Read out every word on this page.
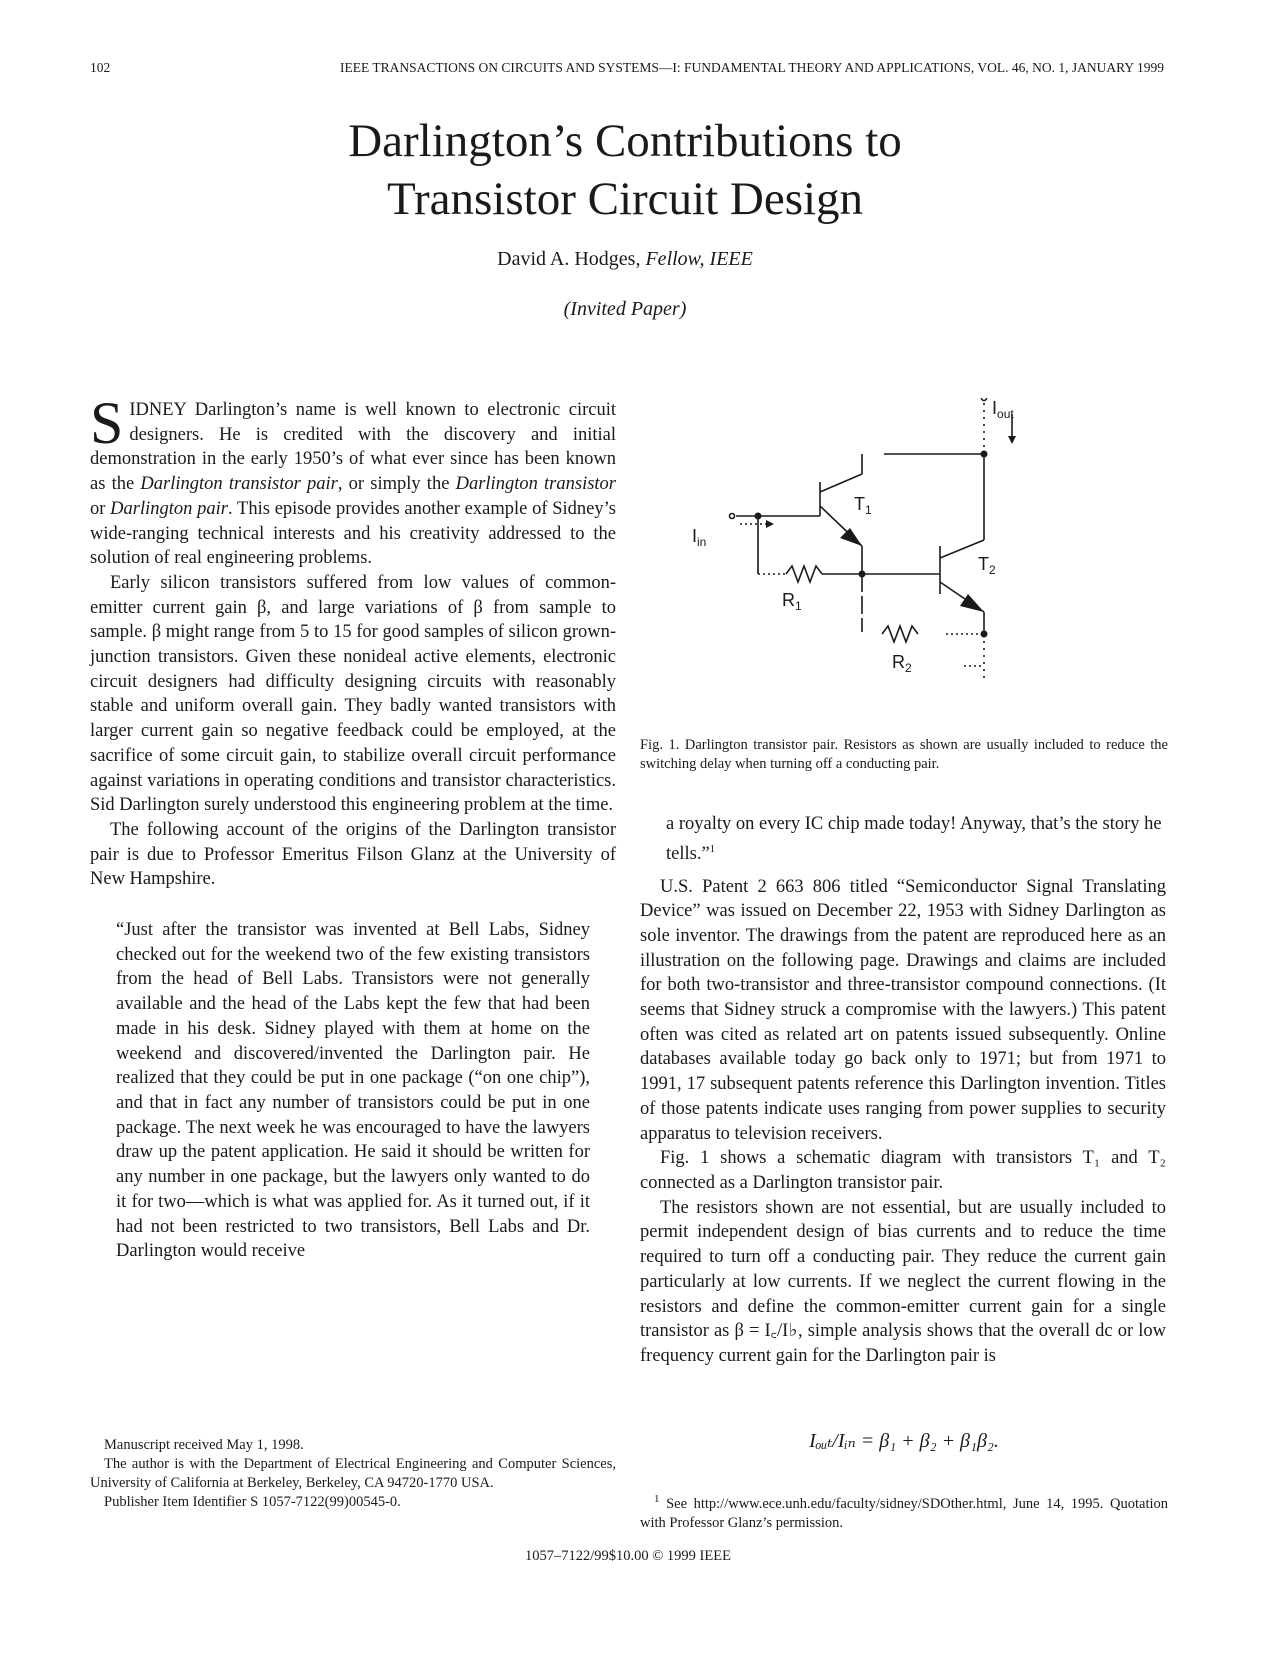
102	IEEE TRANSACTIONS ON CIRCUITS AND SYSTEMS—I: FUNDAMENTAL THEORY AND APPLICATIONS, VOL. 46, NO. 1, JANUARY 1999
Darlington’s Contributions to
Transistor Circuit Design
David A. Hodges, Fellow, IEEE
(Invited Paper)

SIDNEY Darlington’s name is well known to electronic circuit designers. He is credited with the discovery and initial demonstration in the early 1950’s of what ever since has been known as the Darlington transistor pair, or simply the Darlington transistor or Darlington pair. This episode provides another example of Sidney’s wide-ranging technical interests and his creativity addressed to the solution of real engineering problems.

Early silicon transistors suffered from low values of common-emitter current gain β, and large variations of β from sample to sample. β might range from 5 to 15 for good samples of silicon grown-junction transistors. Given these nonideal active elements, electronic circuit designers had difficulty designing circuits with reasonably stable and uniform overall gain. They badly wanted transistors with larger current gain so negative feedback could be employed, at the sacrifice of some circuit gain, to stabilize overall circuit performance against variations in operating conditions and transistor characteristics. Sid Darlington surely understood this engineering problem at the time.

The following account of the origins of the Darlington transistor pair is due to Professor Emeritus Filson Glanz at the University of New Hampshire.

“Just after the transistor was invented at Bell Labs, Sidney checked out for the weekend two of the few existing transistors from the head of Bell Labs. Transistors were not generally available and the head of the Labs kept the few that had been made in his desk. Sidney played with them at home on the weekend and discovered/invented the Darlington pair. He realized that they could be put in one package (“on one chip”), and that in fact any number of transistors could be put in one package. The next week he was encouraged to have the lawyers draw up the patent application. He said it should be written for any number in one package, but the lawyers only wanted to do it for two—which is what was applied for. As it turned out, if it had not been restricted to two transistors, Bell Labs and Dr. Darlington would receive

$I_{out}$
$I_{in}$
$T_1$
$T_2$
$R_1$
$R_2$
Fig. 1. Darlington transistor pair. Resistors as shown are usually included to reduce the switching delay when turning off a conducting pair.

a royalty on every IC chip made today! Anyway, that’s the story he tells.”$^1$

U.S. Patent 2 663 806 titled “Semiconductor Signal Translating Device” was issued on December 22, 1953 with Sidney Darlington as sole inventor. The drawings from the patent are reproduced here as an illustration on the following page. Drawings and claims are included for both two-transistor and three-transistor compound connections. (It seems that Sidney struck a compromise with the lawyers.) This patent often was cited as related art on patents issued subsequently. Online databases available today go back only to 1971; but from 1971 to 1991, 17 subsequent patents reference this Darlington invention. Titles of those patents indicate uses ranging from power supplies to security apparatus to television receivers.

Fig. 1 shows a schematic diagram with transistors T₁ and T₂ connected as a Darlington transistor pair.

The resistors shown are not essential, but are usually included to permit independent design of bias currents and to reduce the time required to turn off a conducting pair. They reduce the current gain particularly at low currents. If we neglect the current flowing in the resistors and define the common-emitter current gain for a single transistor as β = I꜀/I♭, simple analysis shows that the overall dc or low frequency current gain for the Darlington pair is

Iₒᵤₜ/Iᵢₙ = β₁ + β₂ + β₁β₂.

Manuscript received May 1, 1998.

The author is with the Department of Electrical Engineering and Computer Sciences, University of California at Berkeley, Berkeley, CA 94720-1770 USA.

Publisher Item Identifier S 1057-7122(99)00545-0.	$^1$ See http://www.ece.unh.edu/faculty/sidney/SDOther.html, June 14, 1995. Quotation with Professor Glanz’s permission.

1057–7122/99$10.00 © 1999 IEEE
